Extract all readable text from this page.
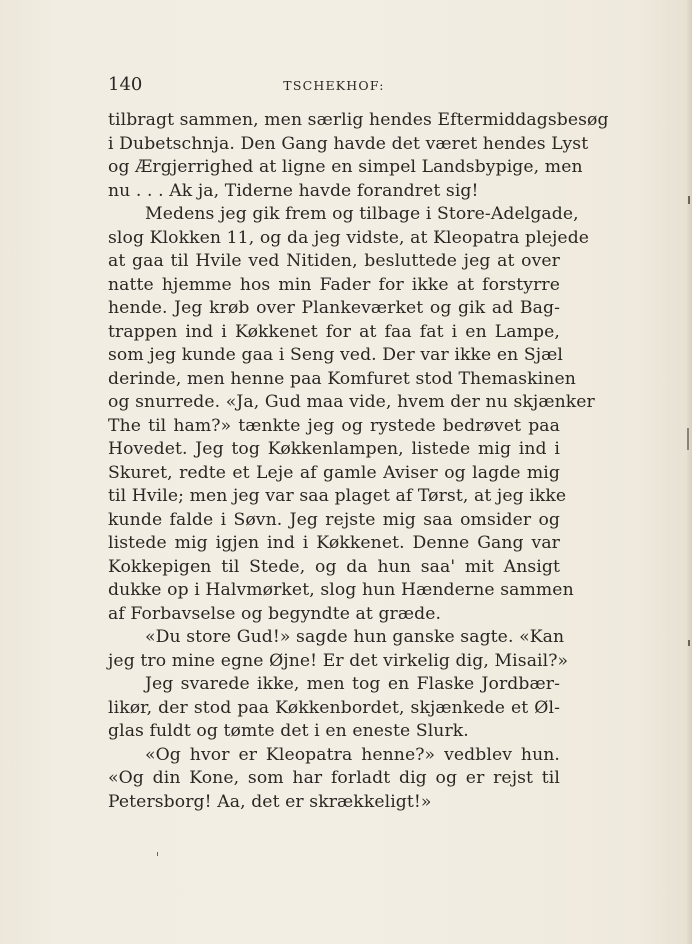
140	TSCHEKHOF:
tilbragt sammen, men særlig hendes Eftermiddagsbesøg
i Dubetschnja. Den Gang havde det været hendes Lyst
og Ærgjerrighed at ligne en simpel Landsbypige, men
nu . . . Ak ja, Tiderne havde forandret sig!
Medens jeg gik frem og tilbage i Store-Adelgade,
slog Klokken 11, og da jeg vidste, at Kleopatra plejede
at gaa til Hvile ved Nitiden, besluttede jeg at over
natte hjemme hos min Fader for ikke at forstyrre
hende. Jeg krøb over Plankeværket og gik ad Bag-
trappen ind i Køkkenet for at faa fat i en Lampe,
som jeg kunde gaa i Seng ved. Der var ikke en Sjæl
derinde, men henne paa Komfuret stod Themaskinen
og snurrede. «Ja, Gud maa vide, hvem der nu skjænker
The til ham?» tænkte jeg og rystede bedrøvet paa
Hovedet. Jeg tog Køkkenlampen, listede mig ind i
Skuret, redte et Leje af gamle Aviser og lagde mig
til Hvile; men jeg var saa plaget af Tørst, at jeg ikke
kunde falde i Søvn. Jeg rejste mig saa omsider og
listede mig igjen ind i Køkkenet. Denne Gang var
Kokkepigen til Stede, og da hun saa' mit Ansigt
dukke op i Halvmørket, slog hun Hænderne sammen
af Forbavselse og begyndte at græde.
«Du store Gud!» sagde hun ganske sagte. «Kan
jeg tro mine egne Øjne! Er det virkelig dig, Misail?»
Jeg svarede ikke, men tog en Flaske Jordbær-
likør, der stod paa Køkkenbordet, skjænkede et Øl-
glas fuldt og tømte det i en eneste Slurk.
«Og hvor er Kleopatra henne?» vedblev hun.
«Og din Kone, som har forladt dig og er rejst til
Petersborg! Aa, det er skrækkeligt!»
